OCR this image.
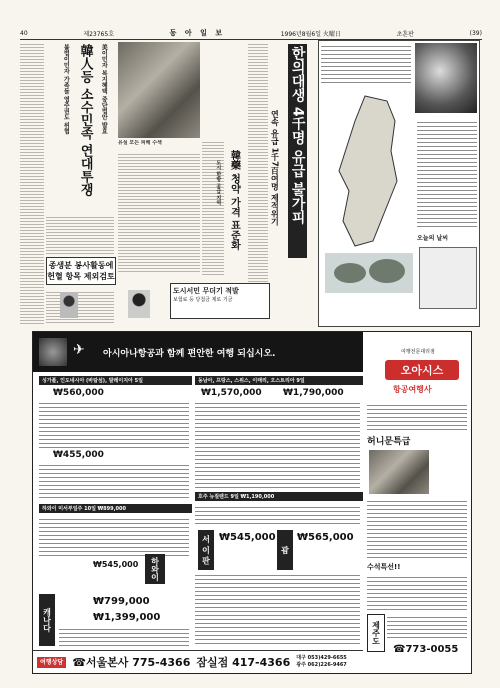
40	제23765호	동 아 일 보	1996년8월6일 火曜日	초혼판	(39)
美이민자 복지혜택 중단법안 발효
韓人등 소수민족 연대투쟁
불법이민자 가족들 영주권도 위협
종생분 봉사활동에
헌혈 항목 제외검토
유실 모든 피해 수색
韓藥 청약 가격 표준화
도시 한방 공급 지역
도시서민 무더기 적발
보험료 등 당첨금 제로 기금
한의대생 4千명 유급 불가피
연속 유급 1千7百여명 제적위기
오늘의 날씨
✈	아시아나항공과 함께 편안한 여행 되십시오.	여행전문대리점
오아시스
항공여행사
싱가폴, 인도네시아 (바탐섬), 말레이지아 5일
₩560,000
₩455,000
동남아, 프랑스, 스위스, 이태리, 오스트리아 9일
₩1,570,000 ₩1,790,000
하와이 미서부일주 10일 ₩899,000
하와이
₩545,000
호주 뉴질랜드 9일 ₩1,190,000
서 이 판 ₩545,000
괌
₩565,000
캐나다
₩799,000
₩1,399,000
허니문특급
수석특선!!
제주도
☎773-0055
여행상담 ☎서울본사 775-4366 잠실점 417-4366 대구 053)429-6655
광주 062)226-9467
